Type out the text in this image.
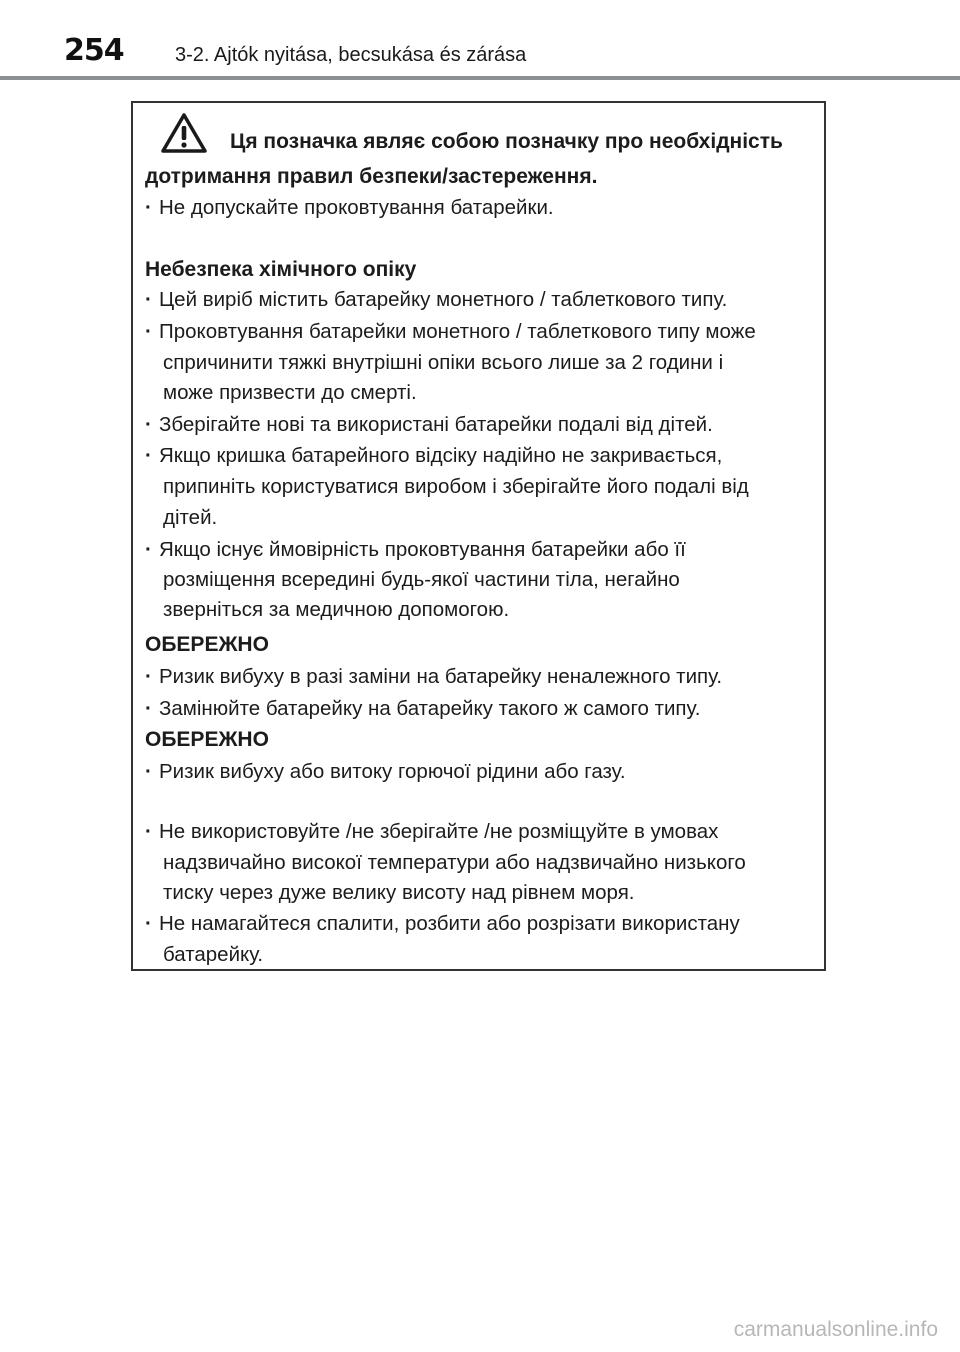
254	3-2. Ajtók nyitása, becsukása és zárása
Ця позначка являє собою позначку про необхідність
дотримання правил безпеки/застереження.
· Не допускайте проковтування батарейки.
Небезпека хімічного опіку
· Цей виріб містить батарейку монетного / таблеткового типу.
· Проковтування батарейки монетного / таблеткового типу може
спричинити тяжкі внутрішні опіки всього лише за 2 години і
може призвести до смерті.
· Зберігайте нові та використані батарейки подалі від дітей.
· Якщо кришка батарейного відсіку надійно не закривається,
припиніть користуватися виробом і зберігайте його подалі від
дітей.
· Якщо існує ймовірність проковтування батарейки або її
розміщення всередині будь-якої частини тіла, негайно
зверніться за медичною допомогою.
ОБЕРЕЖНО
· Ризик вибуху в разі заміни на батарейку неналежного типу.
· Замінюйте батарейку на батарейку такого ж самого типу.
ОБЕРЕЖНО
· Ризик вибуху або витоку горючої рідини або газу.
· Не використовуйте /не зберігайте /не розміщуйте в умовах
надзвичайно високої температури або надзвичайно низького
тиску через дуже велику висоту над рівнем моря.
· Не намагайтеся спалити, розбити або розрізати використану
батарейку.
carmanualsonline.info
